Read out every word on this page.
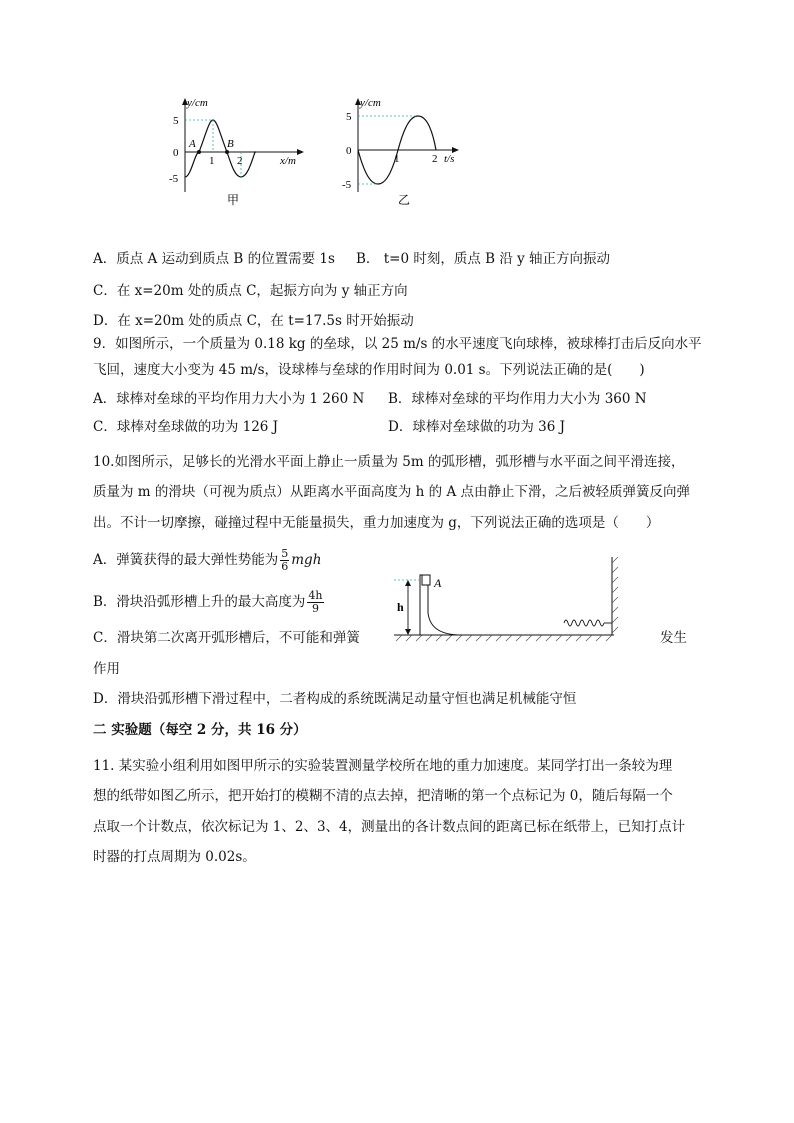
y/cm
x/m
5
0
-5
1 2
A	B
甲
y/cm
t/s
5
0
-5
1	2
乙
A．质点 A 运动到质点 B 的位置需要 1s B． t=0 时刻，质点 B 沿 y 轴正方向振动
C．在 x=20m 处的质点 C，起振方向为 y 轴正方向
D．在 x=20m 处的质点 C，在 t=17.5s 时开始振动
9．如图所示，一个质量为 0.18 kg 的垒球，以 25 m/s 的水平速度飞向球棒，被球棒打击后反向水平
飞回，速度大小变为 45 m/s，设球棒与垒球的作用时间为 0.01 s。下列说法正确的是(　　)
A．球棒对垒球的平均作用力大小为 1 260 N B．球棒对垒球的平均作用力大小为 360 N
C．球棒对垒球做的功为 126 J	D．球棒对垒球做的功为 36 J
10.如图所示，足够长的光滑水平面上静止一质量为 5m 的弧形槽，弧形槽与水平面之间平滑连接，
质量为 m 的滑块（可视为质点）从距离水平面高度为 h 的 A 点由静止下滑，之后被轻质弹簧反向弹
出。不计一切摩擦，碰撞过程中无能量损失，重力加速度为 g，下列说法正确的选项是（　　）
A．弹簧获得的最大弹性势能为 $\frac{5}{6}$ mgh
B．滑块沿弧形槽上升的最大高度为 $\frac{4h}{9}$
C．滑块第二次离开弧形槽后，不可能和弹簧	发生
作用
h
A
D．滑块沿弧形槽下滑过程中，二者构成的系统既满足动量守恒也满足机械能守恒
二 实验题（每空 2 分，共 16 分）
11. 某实验小组利用如图甲所示的实验装置测量学校所在地的重力加速度。某同学打出一条较为理
想的纸带如图乙所示，把开始打的模糊不清的点去掉，把清晰的第一个点标记为 0，随后每隔一个
点取一个计数点，依次标记为 1、2、3、4，测量出的各计数点间的距离已标在纸带上，已知打点计
时器的打点周期为 0.02s。
